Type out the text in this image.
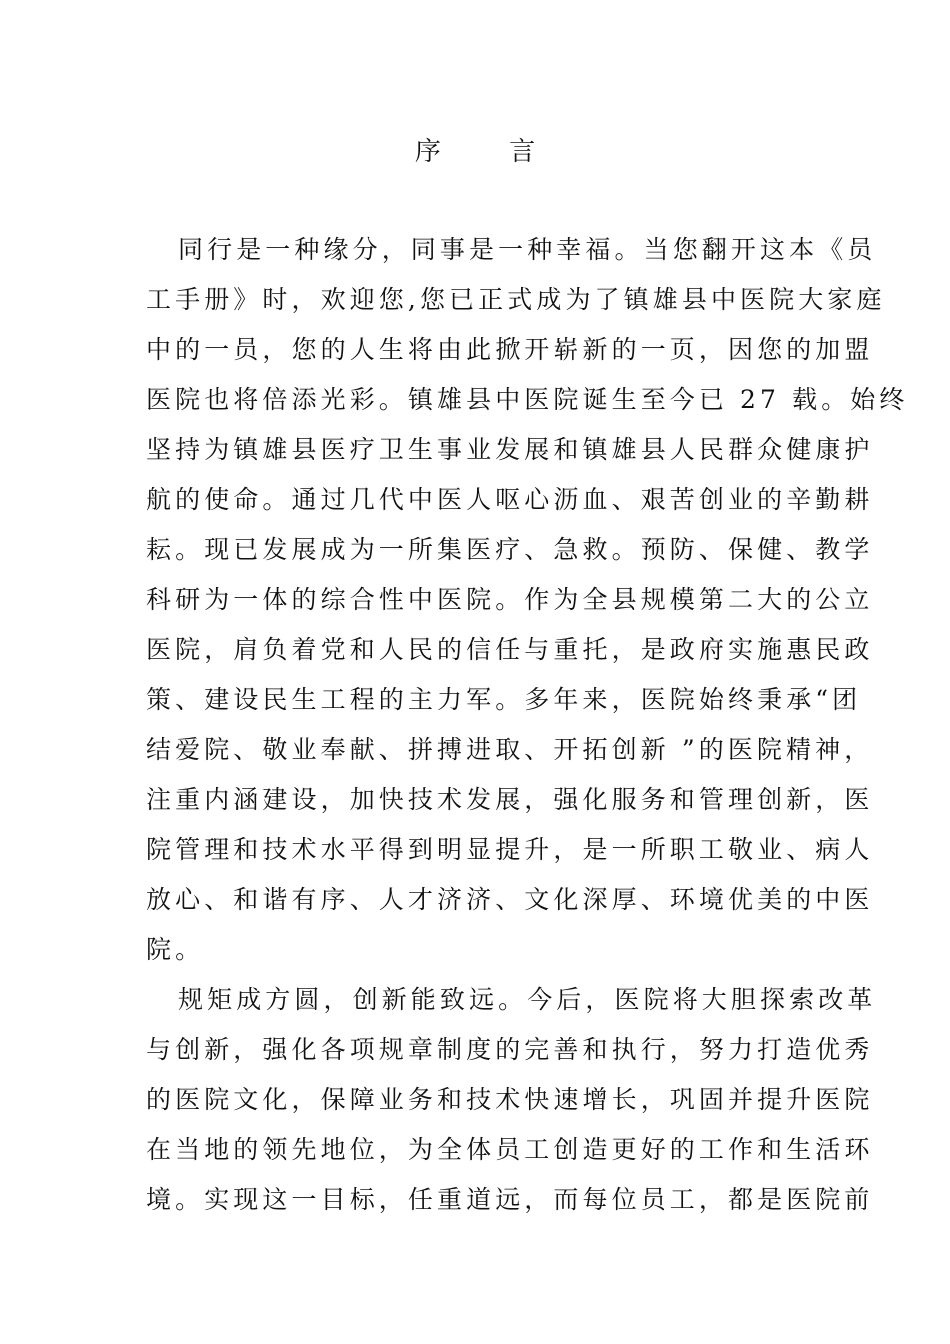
序 言
同行是一种缘分，同事是一种幸福。当您翻开这本《员
工手册》时，欢迎您,您已正式成为了镇雄县中医院大家庭
中的一员，您的人生将由此掀开崭新的一页，因您的加盟
医院也将倍添光彩。镇雄县中医院诞生至今已 27 载。始终
坚持为镇雄县医疗卫生事业发展和镇雄县人民群众健康护
航的使命。通过几代中医人呕心沥血、艰苦创业的辛勤耕
耘。现已发展成为一所集医疗、急救。预防、保健、教学
科研为一体的综合性中医院。作为全县规模第二大的公立
医院，肩负着党和人民的信任与重托，是政府实施惠民政
策、建设民生工程的主力军。多年来，医院始终秉承“团
结爱院、敬业奉献、拼搏进取、开拓创新 ”的医院精神，
注重内涵建设，加快技术发展，强化服务和管理创新，医
院管理和技术水平得到明显提升，是一所职工敬业、病人
放心、和谐有序、人才济济、文化深厚、环境优美的中医
院。
规矩成方圆，创新能致远。今后，医院将大胆探索改革
与创新，强化各项规章制度的完善和执行，努力打造优秀
的医院文化，保障业务和技术快速增长，巩固并提升医院
在当地的领先地位，为全体员工创造更好的工作和生活环
境。实现这一目标，任重道远，而每位员工，都是医院前
